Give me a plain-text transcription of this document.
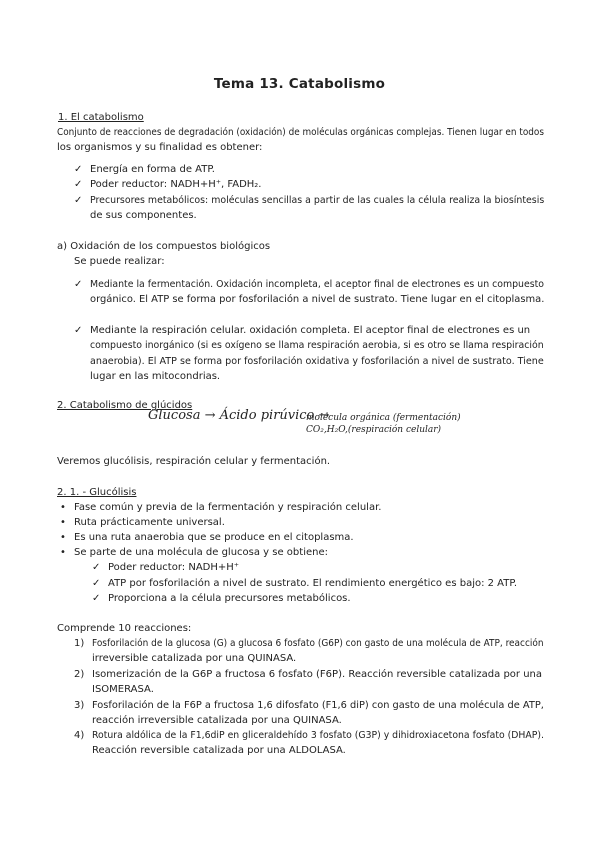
Tema 13. Catabolismo
1. El catabolismo
Conjunto de reacciones de degradación (oxidación) de moléculas orgánicas complejas. Tienen lugar en todos
los organismos y su finalidad es obtener:
✓ Energía en forma de ATP.
✓ Poder reductor: NADH+H⁺, FADH₂.
✓ Precursores metabólicos: moléculas sencillas a partir de las cuales la célula realiza la biosíntesis
de sus componentes.
a) Oxidación de los compuestos biológicos
Se puede realizar:
✓ Mediante la fermentación. Oxidación incompleta, el aceptor final de electrones es un compuesto
orgánico. El ATP se forma por fosforilación a nivel de sustrato. Tiene lugar en el citoplasma.
✓ Mediante la respiración celular. oxidación completa. El aceptor final de electrones es un
compuesto inorgánico (si es oxígeno se llama respiración aerobia, si es otro se llama respiración
anaerobia). El ATP se forma por fosforilación oxidativa y fosforilación a nivel de sustrato. Tiene
lugar en las mitocondrias.
2. Catabolismo de glúcidos
Glucosa → Ácido pirúvico →
molécula orgánica (fermentación)
CO₂,H₂O,(respiración celular)
Veremos glucólisis, respiración celular y fermentación.
2. 1. - Glucólisis
• Fase común y previa de la fermentación y respiración celular.
• Ruta prácticamente universal.
• Es una ruta anaerobia que se produce en el citoplasma.
• Se parte de una molécula de glucosa y se obtiene:
✓ Poder reductor: NADH+H⁺
✓ ATP por fosforilación a nivel de sustrato. El rendimiento energético es bajo: 2 ATP.
✓ Proporciona a la célula precursores metabólicos.
Comprende 10 reacciones:
1) Fosforilación de la glucosa (G) a glucosa 6 fosfato (G6P) con gasto de una molécula de ATP, reacción
irreversible catalizada por una QUINASA.
2) Isomerización de la G6P a fructosa 6 fosfato (F6P). Reacción reversible catalizada por una
ISOMERASA.
3) Fosforilación de la F6P a fructosa 1,6 difosfato (F1,6 diP) con gasto de una molécula de ATP,
reacción irreversible catalizada por una QUINASA.
4) Rotura aldólica de la F1,6diP en gliceraldehído 3 fosfato (G3P) y dihidroxiacetona fosfato (DHAP).
Reacción reversible catalizada por una ALDOLASA.
